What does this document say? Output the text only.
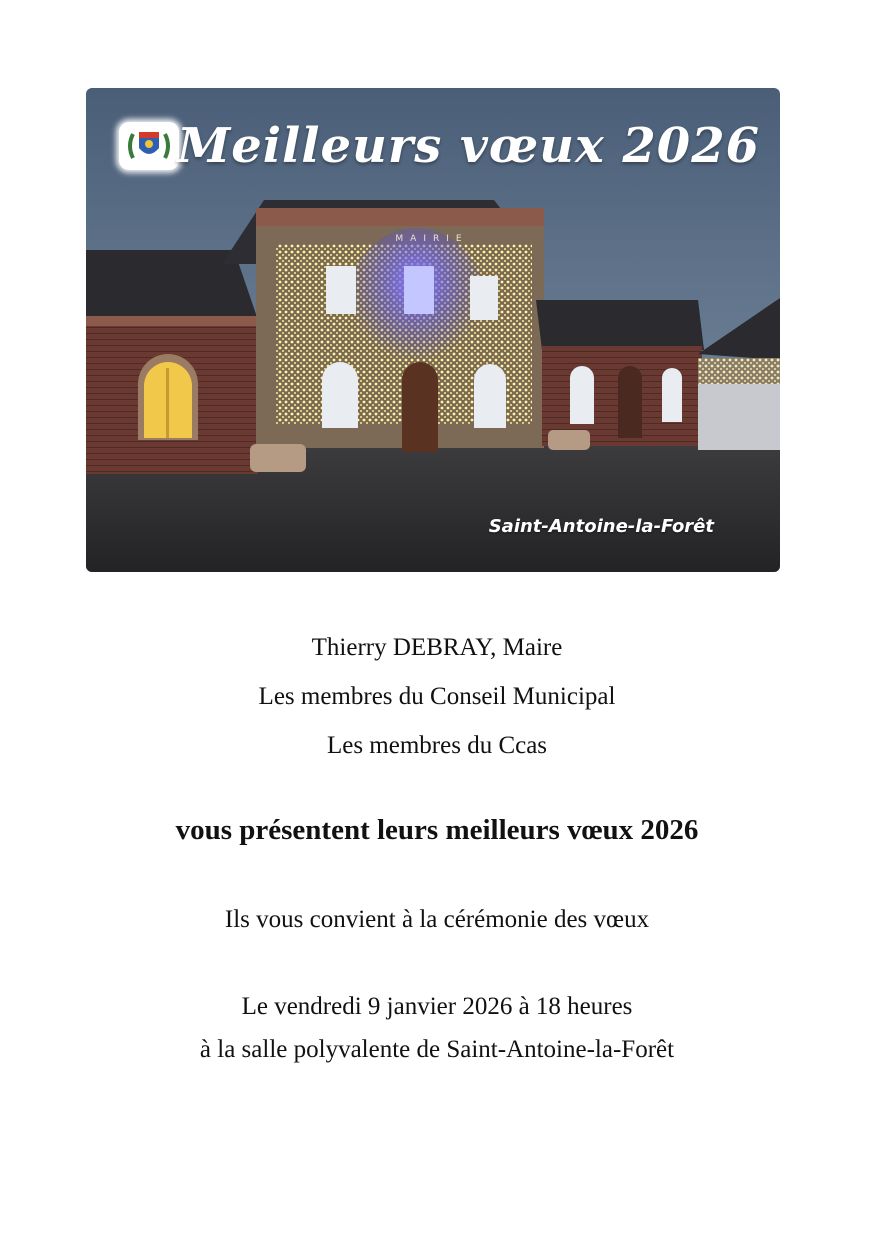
MAIRIE
Meilleurs vœux 2026
Saint-Antoine-la-Forêt
Thierry DEBRAY, Maire
Les membres du Conseil Municipal
Les membres du Ccas
vous présentent leurs meilleurs vœux 2026
Ils vous convient à la cérémonie des vœux
Le vendredi 9 janvier 2026 à 18 heures
à la salle polyvalente de Saint-Antoine-la-Forêt
